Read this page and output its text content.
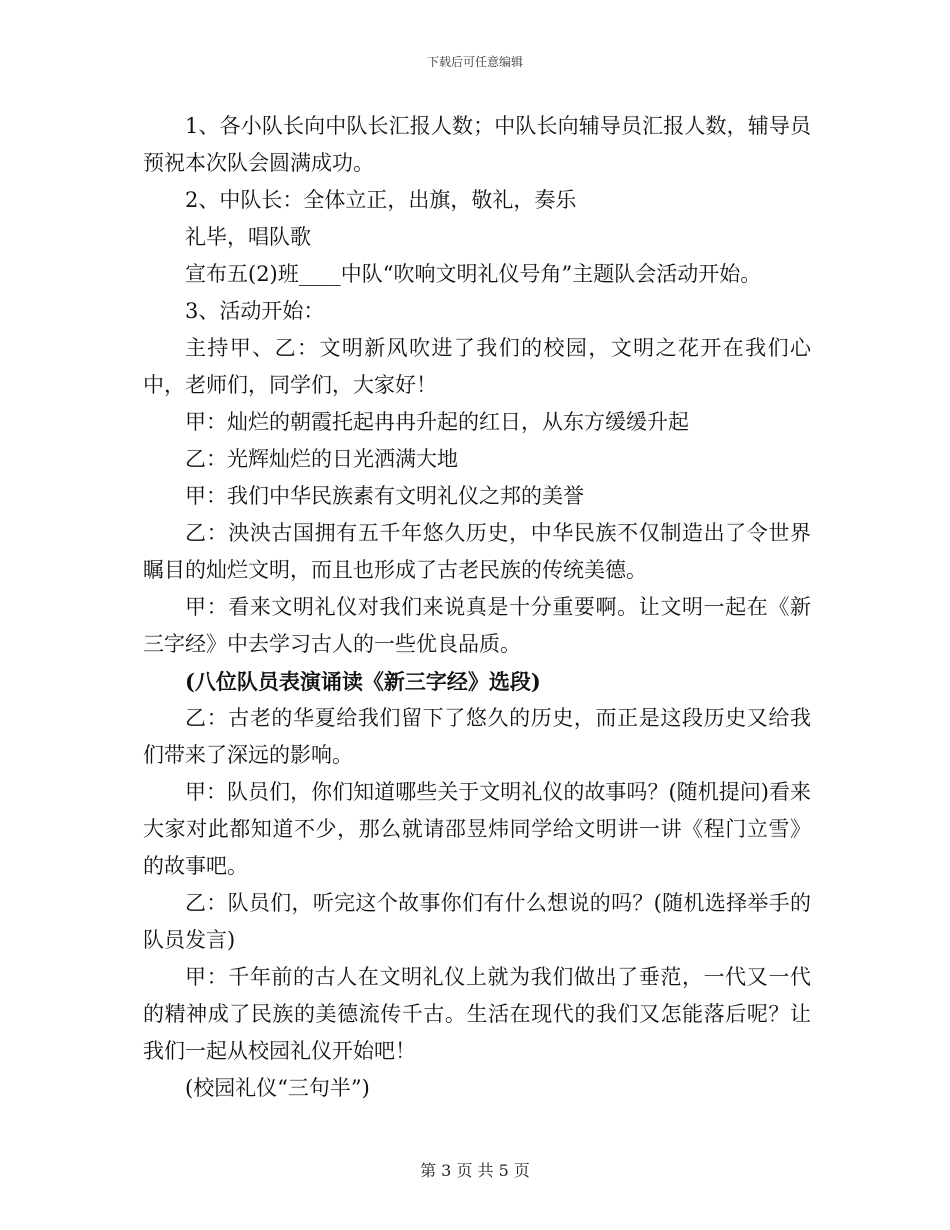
下载后可任意编辑

1、各小队长向中队长汇报人数；中队长向辅导员汇报人数，辅导员预祝本次队会圆满成功。

2、中队长：全体立正，出旗，敬礼，奏乐

礼毕，唱队歌

宣布五(2)班____中队“吹响文明礼仪号角”主题队会活动开始。

3、活动开始：

主持甲、乙：文明新风吹进了我们的校园，文明之花开在我们心中，老师们，同学们，大家好！

甲：灿烂的朝霞托起冉冉升起的红日，从东方缓缓升起

乙：光辉灿烂的日光洒满大地

甲：我们中华民族素有文明礼仪之邦的美誉

乙：泱泱古国拥有五千年悠久历史，中华民族不仅制造出了令世界瞩目的灿烂文明，而且也形成了古老民族的传统美德。

甲：看来文明礼仪对我们来说真是十分重要啊。让文明一起在《新三字经》中去学习古人的一些优良品质。

(八位队员表演诵读《新三字经》选段)

乙：古老的华夏给我们留下了悠久的历史，而正是这段历史又给我们带来了深远的影响。

甲：队员们，你们知道哪些关于文明礼仪的故事吗？(随机提问)看来大家对此都知道不少，那么就请邵昱炜同学给文明讲一讲《程门立雪》的故事吧。

乙：队员们，听完这个故事你们有什么想说的吗？(随机选择举手的队员发言)

甲：千年前的古人在文明礼仪上就为我们做出了垂范，一代又一代的精神成了民族的美德流传千古。生活在现代的我们又怎能落后呢？让我们一起从校园礼仪开始吧！

(校园礼仪“三句半”)

第 3 页 共 5 页
